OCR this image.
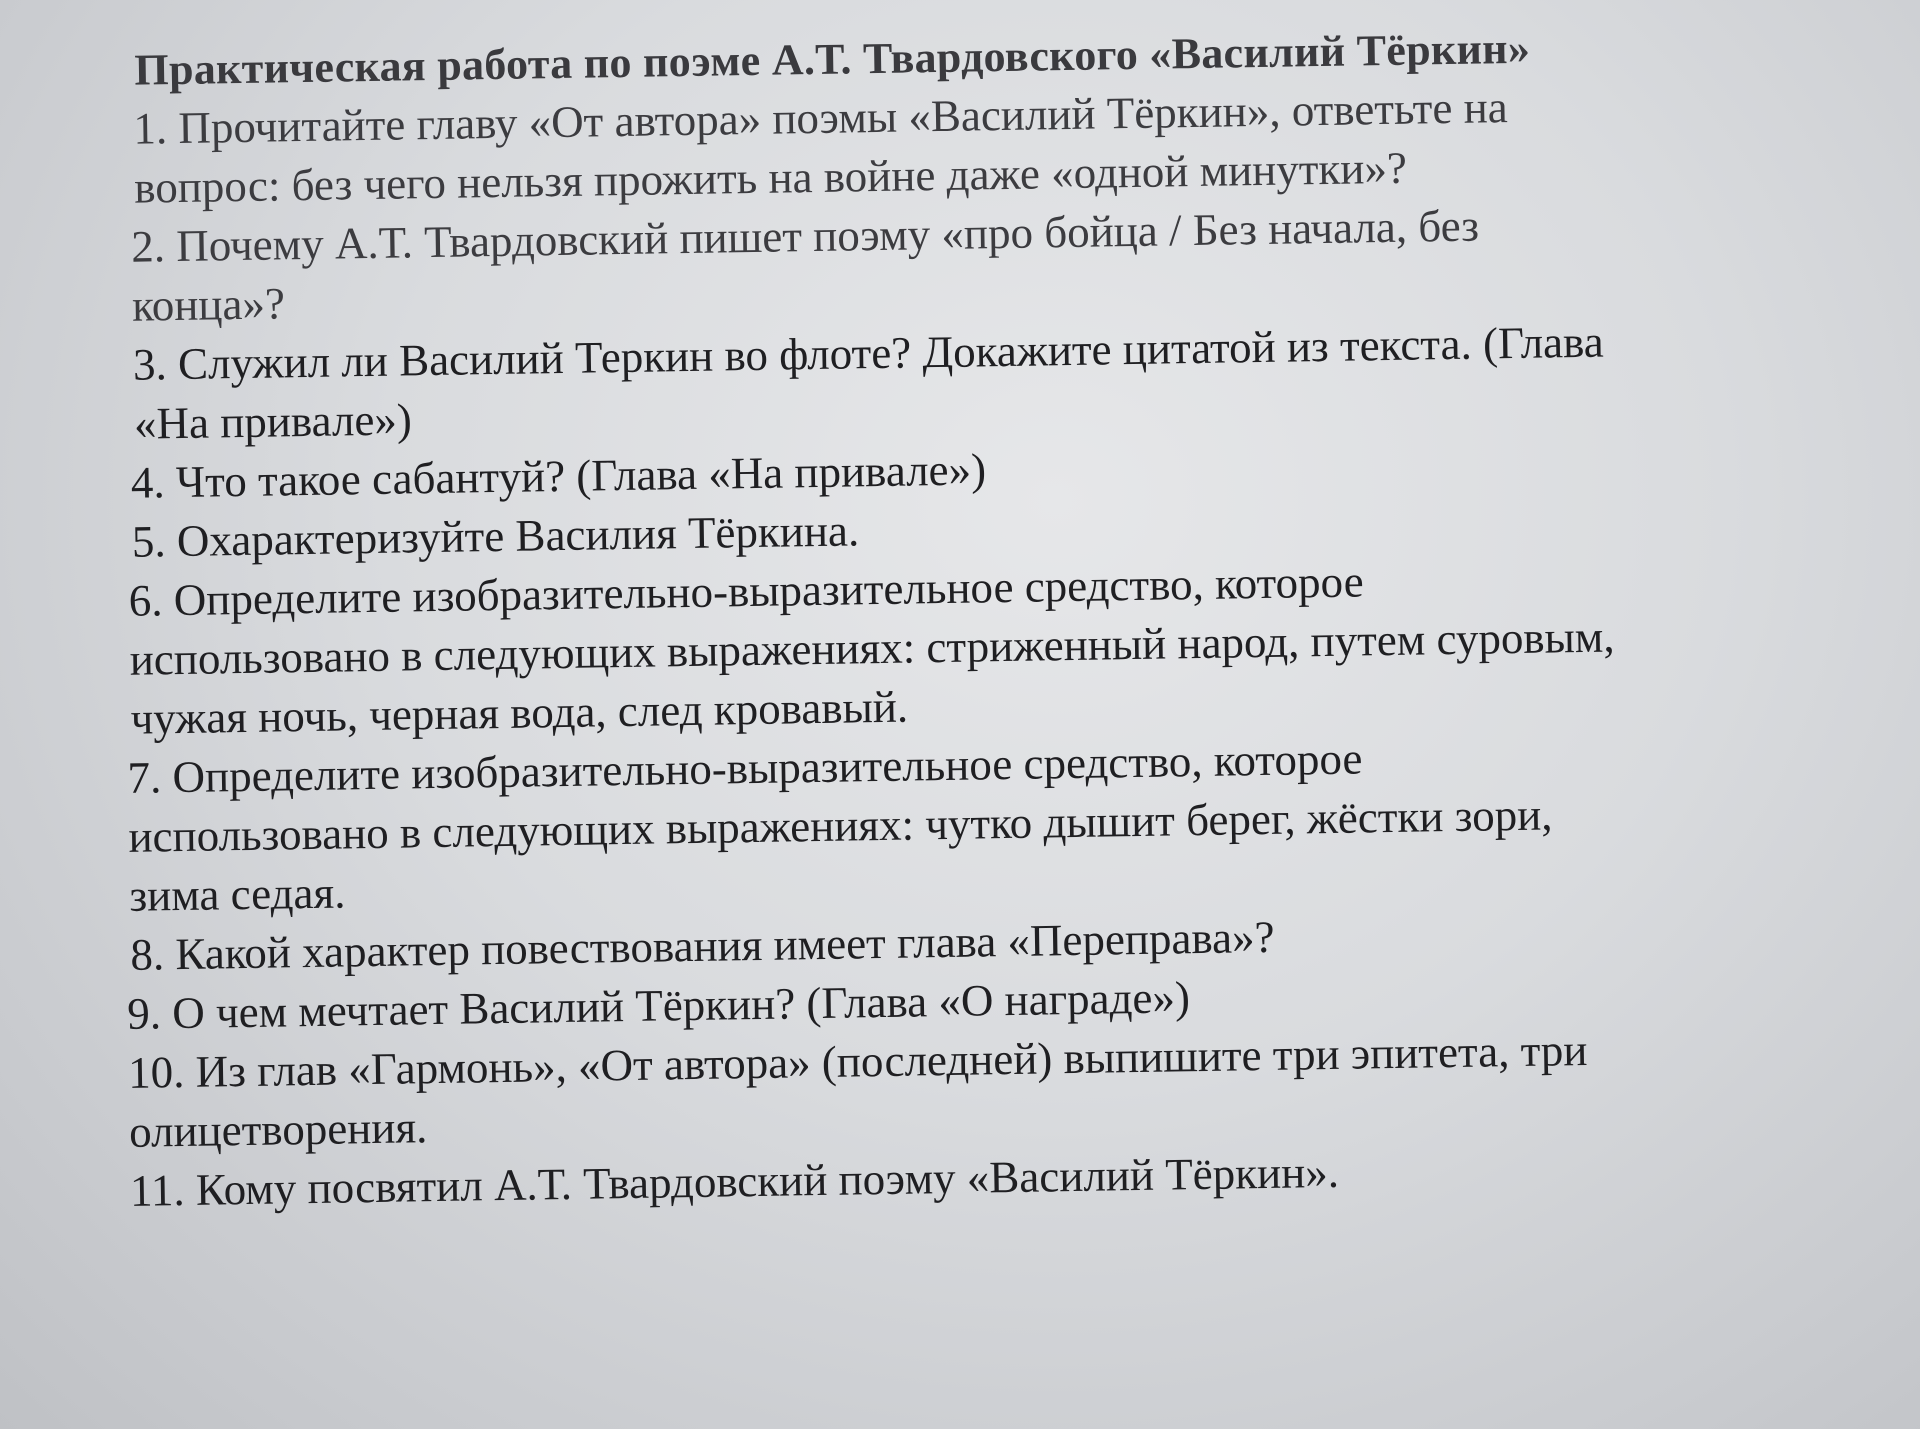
Практическая работа по поэме А.Т. Твардовского «Василий Тёркин»
1. Прочитайте главу «От автора» поэмы «Василий Тёркин», ответьте на
вопрос: без чего нельзя прожить на войне даже «одной минутки»?
2. Почему А.Т. Твардовский пишет поэму «про бойца / Без начала, без
конца»?
3. Служил ли Василий Теркин во флоте? Докажите цитатой из текста. (Глава
«На привале»)
4. Что такое сабантуй? (Глава «На привале»)
5. Охарактеризуйте Василия Тёркина.
6. Определите изобразительно-выразительное средство, которое
использовано в следующих выражениях: стриженный народ, путем суровым,
чужая ночь, черная вода, след кровавый.
7. Определите изобразительно-выразительное средство, которое
использовано в следующих выражениях: чутко дышит берег, жёстки зори,
зима седая.
8. Какой характер повествования имеет глава «Переправа»?
9. О чем мечтает Василий Тёркин? (Глава «О награде»)
10. Из глав «Гармонь», «От автора» (последней) выпишите три эпитета, три
олицетворения.
11. Кому посвятил А.Т. Твардовский поэму «Василий Тёркин».
